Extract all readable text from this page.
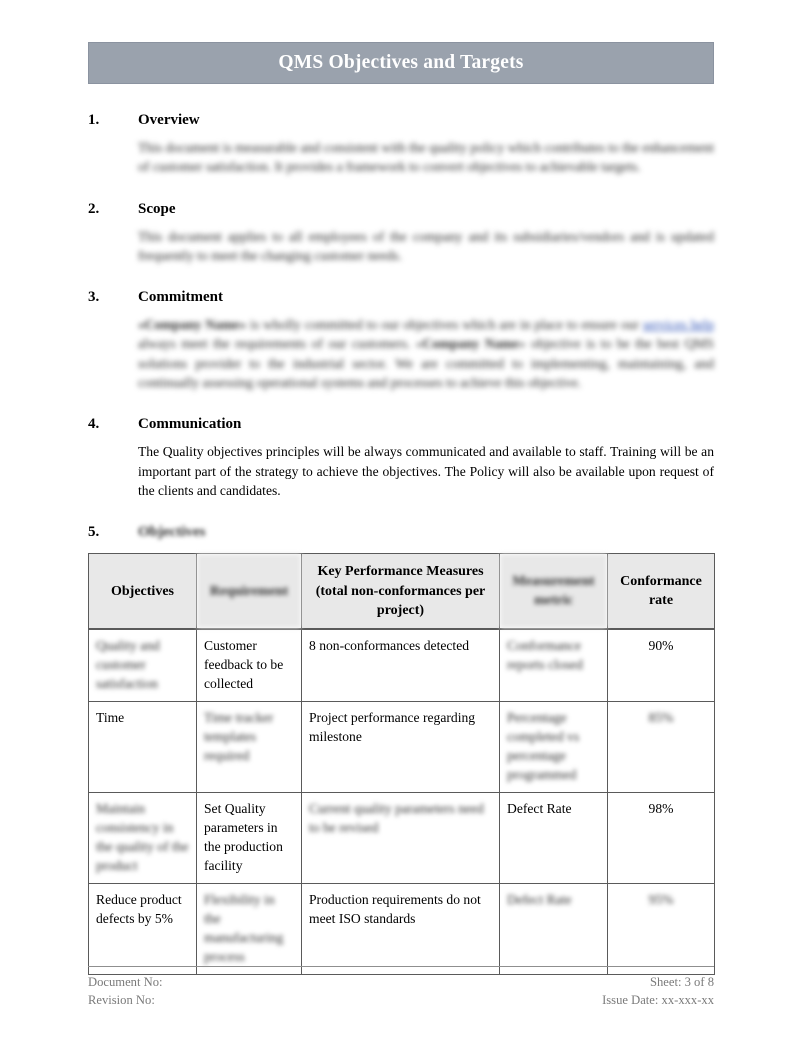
QMS Objectives and Targets
1.	Overview

This document is measurable and consistent with the quality policy which contributes to the enhancement of customer satisfaction. It provides a framework to convert objectives to achievable targets.

2.	Scope

This document applies to all employees of the company and its subsidiaries/vendors and is updated frequently to meet the changing customer needs.

3.	Commitment

«Company Name» is wholly committed to our objectives which are in place to ensure our services help always meet the requirements of our customers. «Company Name» objective is to be the best QMS solutions provider to the industrial sector. We are committed to implementing, maintaining, and continually assessing operational systems and processes to achieve this objective.

4.	Communication

The Quality objectives principles will be always communicated and available to staff. Training will be an important part of the strategy to achieve the objectives. The Policy will also be available upon request of the clients and candidates.

5.	Objectives
Objectives	Requirement	Key Performance Measures (total non-conformances per project)	Measurement metric	Conformance rate
Quality and customer satisfaction	Customer feedback to be collected	8 non-conformances detected	Conformance reports closed	90%
Time	Time tracker templates required	Project performance regarding milestone	Percentage completed vs percentage programmed	85%
Maintain consistency in the quality of the product	Set Quality parameters in the production facility	Current quality parameters need to be revised	Defect Rate	98%
Reduce product defects by 5%	Flexibility in the manufacturing process	Production requirements do not meet ISO standards	Defect Rate	95%
Document No:	Sheet: 3 of 8
Revision No:	Issue Date: xx-xxx-xx
